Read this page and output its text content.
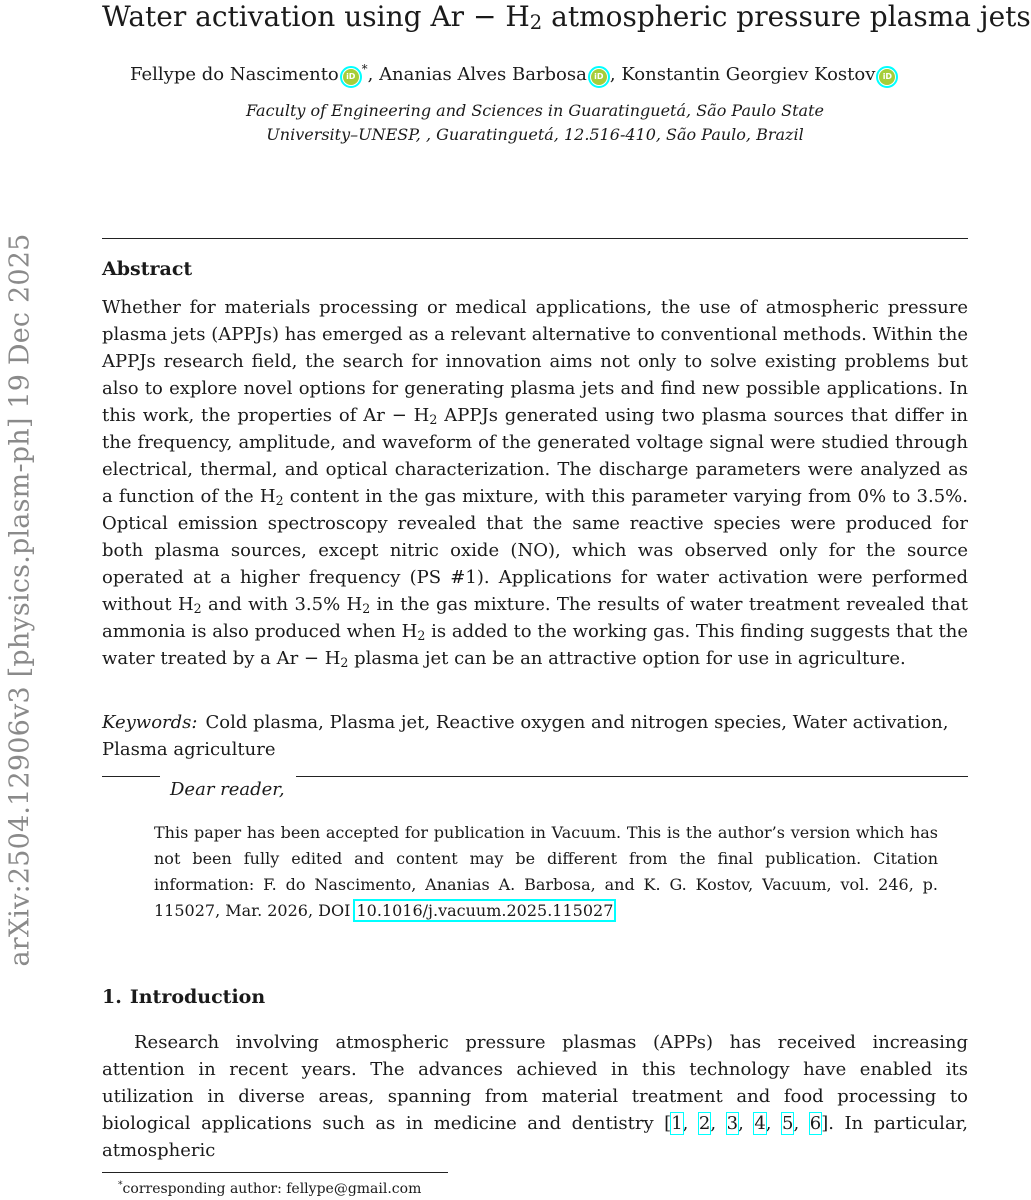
arXiv:2504.12906v3 [physics.plasm-ph] 19 Dec 2025
Water activation using $Ar - H_2$ atmospheric pressure plasma jets
Fellype do Nascimento iD*, Ananias Alves Barbosa iD , Konstantin Georgiev Kostov iD
Faculty of Engineering and Sciences in Guaratinguetá, São Paulo State
University–UNESP, , Guaratinguetá, 12.516-410, São Paulo, Brazil
Abstract
Whether for materials processing or medical applications, the use of atmospheric pressure plasma jets (APPJs) has emerged as a relevant alternative to conventional methods. Within the APPJs research field, the search for innovation aims not only to solve existing problems but also to explore novel options for generating plasma jets and find new possible applications. In this work, the properties of $Ar - H_2$ APPJs generated using two plasma sources that differ in the frequency, amplitude, and waveform of the generated voltage signal were studied through electrical, thermal, and optical characterization. The discharge parameters were analyzed as a function of the $H_2$ content in the gas mixture, with this parameter varying from 0% to 3.5%. Optical emission spectroscopy revealed that the same reactive species were produced for both plasma sources, except nitric oxide (NO), which was observed only for the source operated at a higher frequency (PS #1). Applications for water activation were performed without $H_2$ and with 3.5% $H_2$ in the gas mixture. The results of water treatment revealed that ammonia is also produced when $H_2$ is added to the working gas. This finding suggests that the water treated by a $Ar - H_2$ plasma jet can be an attractive option for use in agriculture.
Keywords: Cold plasma, Plasma jet, Reactive oxygen and nitrogen species, Water activation, Plasma agriculture
Dear reader,
This paper has been accepted for publication in Vacuum. This is the author’s version which has not been fully edited and content may be different from the final publication. Citation information: F. do Nascimento, Ananias A. Barbosa, and K. G. Kostov, Vacuum, vol. 246, p. 115027, Mar. 2026, DOI 10.1016/j.vacuum.2025.115027
1. Introduction
Research involving atmospheric pressure plasmas (APPs) has received increasing attention in recent years. The advances achieved in this technology have enabled its utilization in diverse areas, spanning from material treatment and food processing to biological applications such as in medicine and dentistry [1, 2, 3, 4, 5, 6]. In particular, atmospheric
*corresponding author: fellype@gmail.com
